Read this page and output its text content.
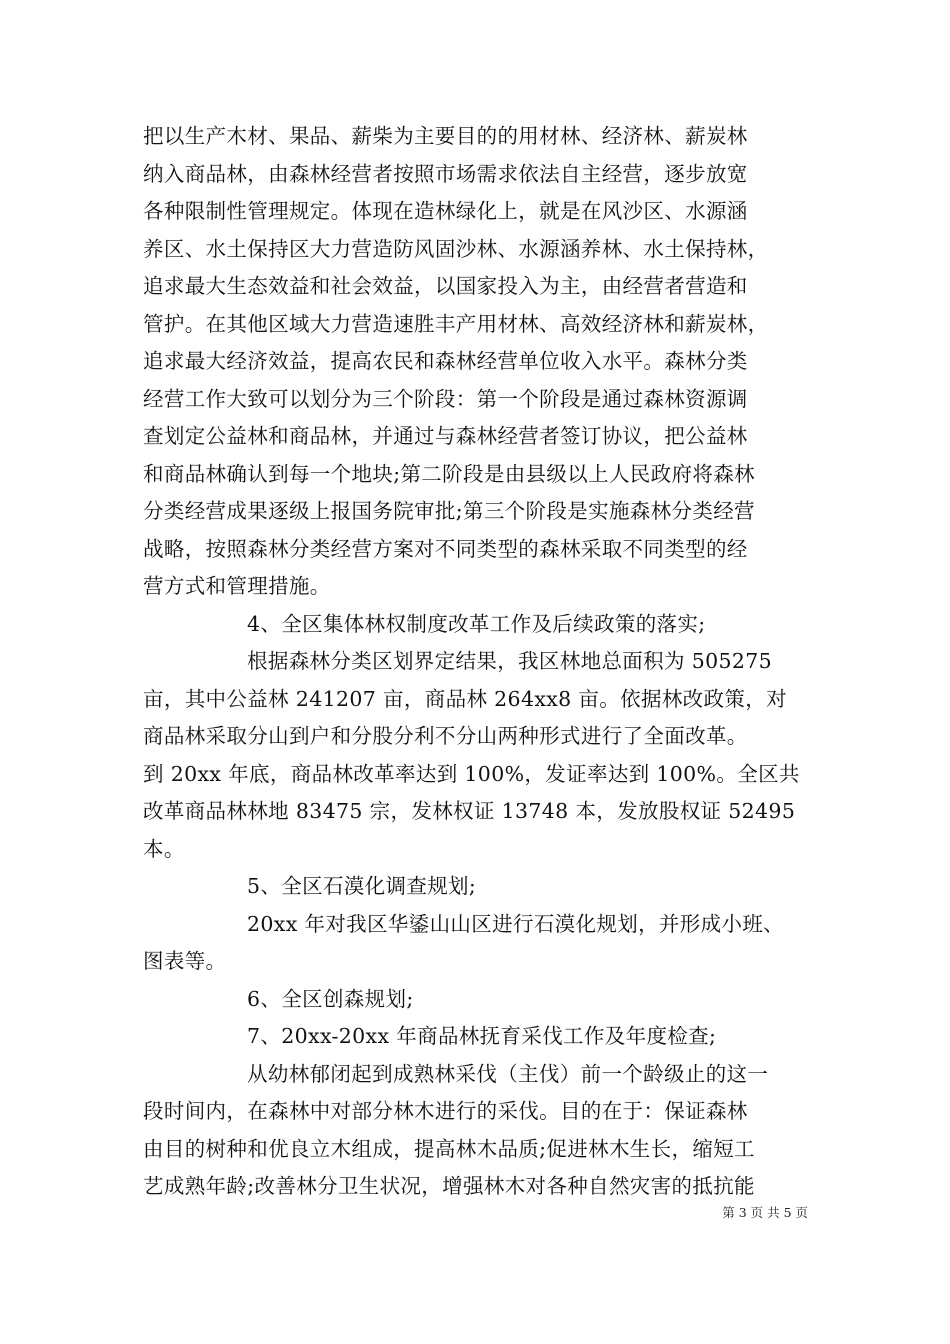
把以生产木材、果品、薪柴为主要目的的用材林、经济林、薪炭林
纳入商品林，由森林经营者按照市场需求依法自主经营，逐步放宽
各种限制性管理规定。体现在造林绿化上，就是在风沙区、水源涵
养区、水土保持区大力营造防风固沙林、水源涵养林、水土保持林，
追求最大生态效益和社会效益，以国家投入为主，由经营者营造和
管护。在其他区域大力营造速胜丰产用材林、高效经济林和薪炭林，
追求最大经济效益，提高农民和森林经营单位收入水平。森林分类
经营工作大致可以划分为三个阶段：第一个阶段是通过森林资源调
查划定公益林和商品林，并通过与森林经营者签订协议，把公益林
和商品林确认到每一个地块;第二阶段是由县级以上人民政府将森林
分类经营成果逐级上报国务院审批;第三个阶段是实施森林分类经营
战略，按照森林分类经营方案对不同类型的森林采取不同类型的经
营方式和管理措施。
4、全区集体林权制度改革工作及后续政策的落实;
根据森林分类区划界定结果，我区林地总面积为 505275
亩，其中公益林 241207 亩，商品林 264xx8 亩。依据林改政策，对
商品林采取分山到户和分股分利不分山两种形式进行了全面改革。
到 20xx 年底，商品林改革率达到 100%，发证率达到 100%。全区共
改革商品林林地 83475 宗，发林权证 13748 本，发放股权证 52495
本。
5、全区石漠化调查规划;
20xx 年对我区华鋈山山区进行石漠化规划，并形成小班、
图表等。
6、全区创森规划;
7、20xx-20xx 年商品林抚育采伐工作及年度检查;
从幼林郁闭起到成熟林采伐（主伐）前一个龄级止的这一
段时间内，在森林中对部分林木进行的采伐。目的在于：保证森林
由目的树种和优良立木组成，提高林木品质;促进林木生长，缩短工
艺成熟年龄;改善林分卫生状况，增强林木对各种自然灾害的抵抗能
第 3 页 共 5 页
